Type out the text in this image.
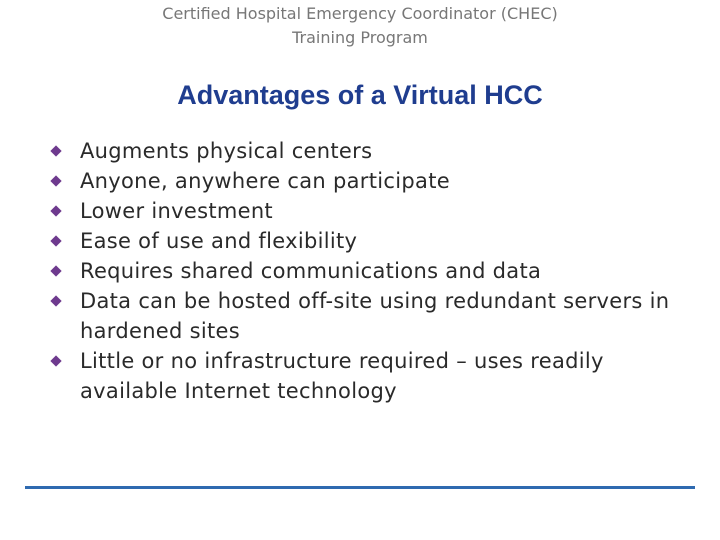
Certified Hospital Emergency Coordinator (CHEC)
Training Program
Advantages of a Virtual HCC
Augments physical centers
Anyone, anywhere can participate
Lower investment
Ease of use and flexibility
Requires shared communications and data
Data can be hosted off-site using redundant servers in hardened sites
Little or no infrastructure required – uses readily available Internet technology
